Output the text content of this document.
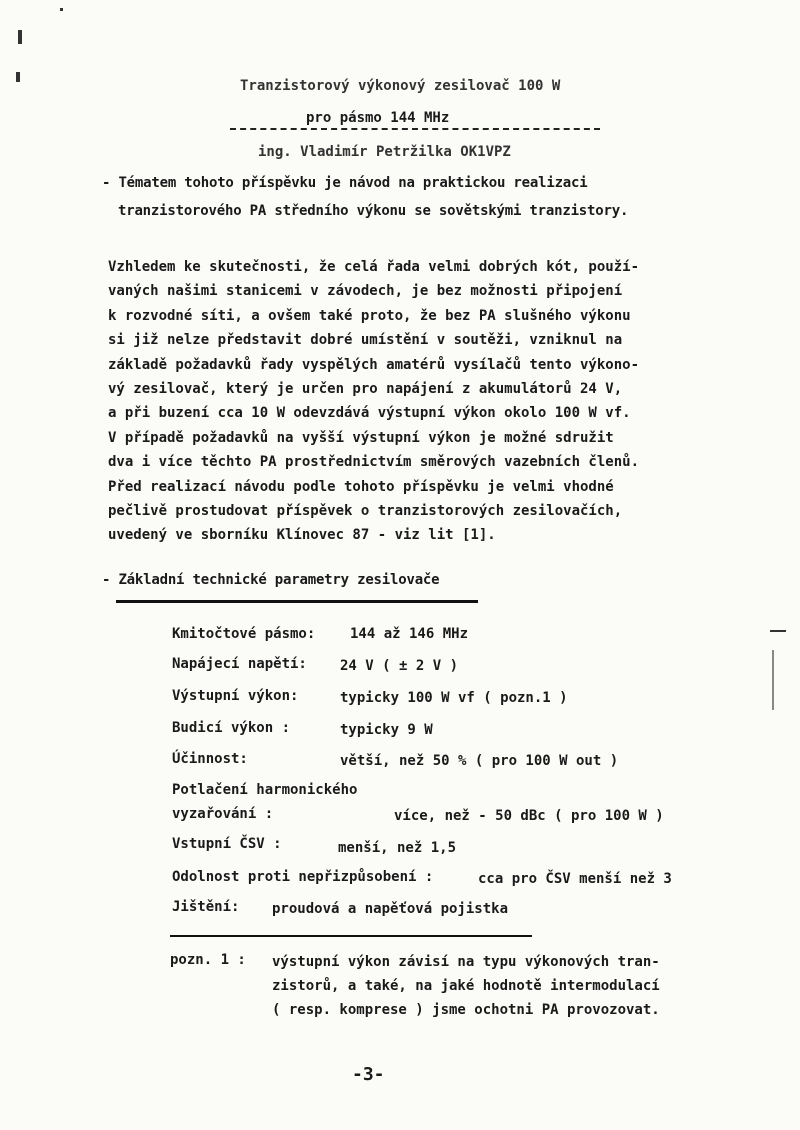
Tranzistorový výkonový zesilovač 100 W
pro pásmo 144 MHz
ing. Vladimír Petržilka OK1VPZ
- Tématem tohoto příspěvku je návod na praktickou realizaci
tranzistorového PA středního výkonu se sovětskými tranzistory.
Vzhledem ke skutečnosti, že celá řada velmi dobrých kót, použí-
vaných našimi stanicemi v závodech, je bez možnosti připojení
k rozvodné síti, a ovšem také proto, že bez PA slušného výkonu
si již nelze představit dobré umístění v soutěži, vzniknul na
základě požadavků řady vyspělých amatérů vysílačů tento výkono-
vý zesilovač, který je určen pro napájení z akumulátorů 24 V,
a při buzení cca 10 W odevzdává výstupní výkon okolo 100 W vf.
V případě požadavků na vyšší výstupní výkon je možné sdružit
dva i více těchto PA prostřednictvím směrových vazebních členů.
Před realizací návodu podle tohoto příspěvku je velmi vhodné
pečlivě prostudovat příspěvek o tranzistorových zesilovačích,
uvedený ve sborníku Klínovec 87 - viz lit [1].
- Základní technické parametry zesilovače
Kmitočtové pásmo: 144 až 146 MHz
Napájecí napětí: 24 V ( ± 2 V )
Výstupní výkon:	typicky 100 W vf ( pozn.1 )
Budicí výkon :	typicky 9 W
Účinnost:	větší, než 50 % ( pro 100 W out )
Potlačení harmonického
vyzařování :	více, než - 50 dBc ( pro 100 W )
Vstupní ČSV :	menší, než 1,5
Odolnost proti nepřizpůsobení :	cca pro ČSV menší než 3
Jištění: proudová a napěťová pojistka
pozn. 1 : výstupní výkon závisí na typu výkonových tran-
zistorů, a také, na jaké hodnotě intermodulací
( resp. komprese ) jsme ochotni PA provozovat.
-3-
